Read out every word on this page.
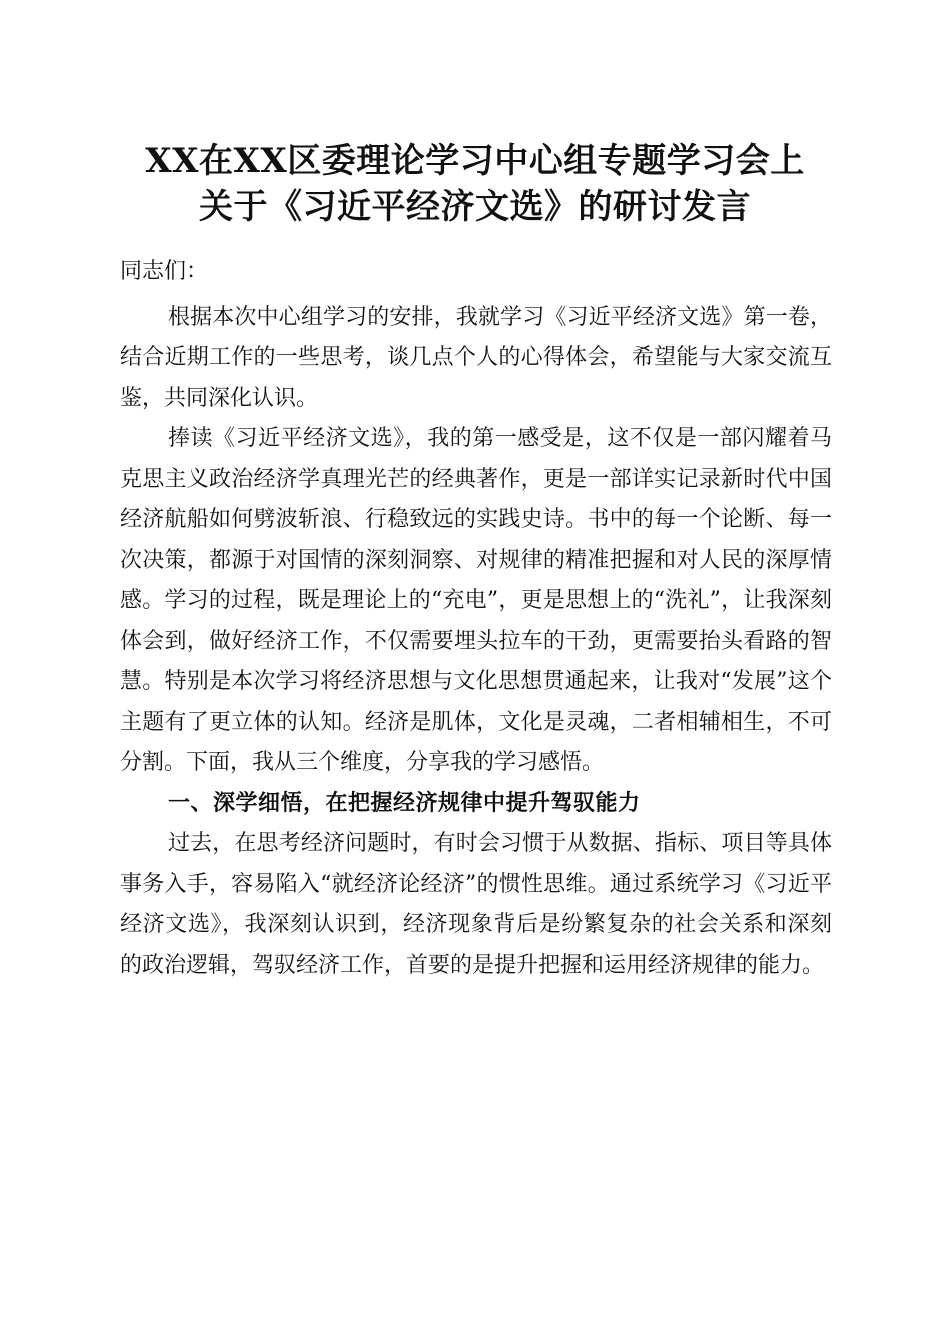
XX在XX区委理论学习中心组专题学习会上
关于《习近平经济文选》的研讨发言

同志们：

根据本次中心组学习的安排，我就学习《习近平经济文选》第一卷，结合近期工作的一些思考，谈几点个人的心得体会，希望能与大家交流互鉴，共同深化认识。

捧读《习近平经济文选》，我的第一感受是，这不仅是一部闪耀着马克思主义政治经济学真理光芒的经典著作，更是一部详实记录新时代中国经济航船如何劈波斩浪、行稳致远的实践史诗。书中的每一个论断、每一次决策，都源于对国情的深刻洞察、对规律的精准把握和对人民的深厚情感。学习的过程，既是理论上的“充电”，更是思想上的“洗礼”，让我深刻体会到，做好经济工作，不仅需要埋头拉车的干劲，更需要抬头看路的智慧。特别是本次学习将经济思想与文化思想贯通起来，让我对“发展”这个主题有了更立体的认知。经济是肌体，文化是灵魂，二者相辅相生，不可分割。下面，我从三个维度，分享我的学习感悟。

一、深学细悟，在把握经济规律中提升驾驭能力

过去，在思考经济问题时，有时会习惯于从数据、指标、项目等具体事务入手，容易陷入“就经济论经济”的惯性思维。通过系统学习《习近平经济文选》，我深刻认识到，经济现象背后是纷繁复杂的社会关系和深刻的政治逻辑，驾驭经济工作，首要的是提升把握和运用经济规律的能力。
